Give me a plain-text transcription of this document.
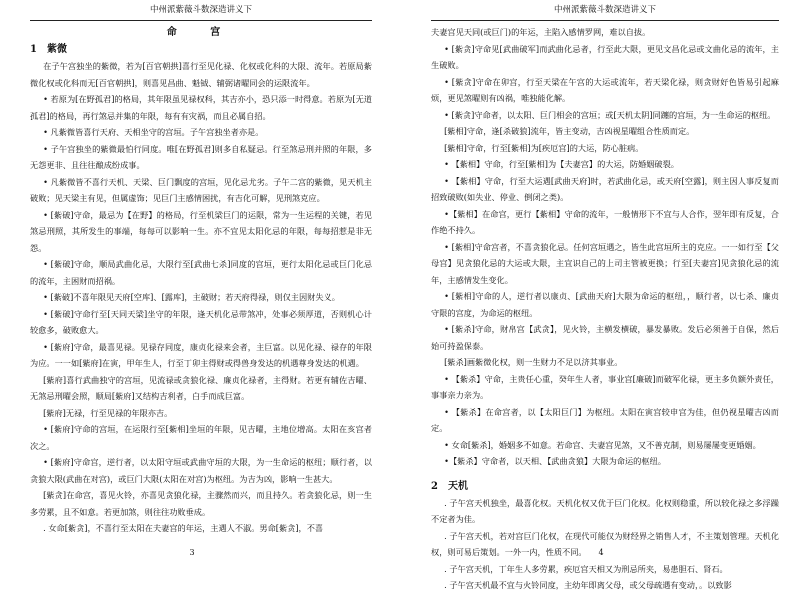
中州派紫薇斗数深造讲义下
命 宫
1 紫微

在子午宫独坐的紫微，若为[百官朝拱]喜行至见化禄、化权或化科的大限、流年。若原局紫微化权或化科而无[百官朝拱]，则喜见昌曲、魁钺、辅弼诸曜同会的运限流年。

• 若原为[在野孤君]的格局，其年限虽见禄权科，其吉亦小，恐只添一时得意。若原为[无道孤君]的格局，再行煞忌并集的年限，每有有灾祸，而且必属自招。

• 凡紫微皆喜行天府、天相坐守的宫垣。子午宫独坐者亦是。

• 子午宫独坐的紫微最怕行同度。唯[在野孤君]则多自私疑忌。行至煞忌刑并照的年限，多无怨更非、且往往酿成纷成事。

• 凡紫微皆不喜行天机、天梁、巨门飘度的宫垣，见化忌尤劣。子午二宫的紫微，见天机主破败；见天梁主有见，但属虚饰；见巨门主感情困扰，有吉化可解，见刑煞克应。

• [紫破]守命，最忌为【在野】的格局，行至机梁巨门的运限，常为一生运程的关键，若见煞忌刑照，其所发生的事端，每每可以影响一生。亦不宜见太阳化忌的年限，每每招惹是非无怨。

• [紫破]守命，顺局武曲化忌，大限行至[武曲七杀]同度的宫垣，更行太阳化忌或巨门化忌的流年，主困财而招祸。

• [紫破]不喜年限见天府[空库]、[露库]，主破财；若天府得禄，则仅主因财失义。

• [紫破]守命行至[天同天梁]坐守的年限，逢天机化忌带煞冲，处事必须厚道，否则机心计较愈多，破败愈大。

• [紫府]守命，最喜见禄。见禄存同度，康贞化禄来会者，主巨富。以见化禄、禄存的年限为应。一一如[紫府]在寅，甲年生人，行至丁卯主得财或得兽身发达的机遇尊身发达的机遇。

[紫府]喜行武曲独守的宫垣，见流禄或贪狼化禄、廉贞化禄者，主得财。若更有辅佐吉曜、无煞忌刑曜会照，顺局[紫府]又结构吉利者，白手而成巨富。

[紫府]无禄，行至见禄的年限亦吉。

• [紫府]守命的宫垣，在运限行至[紫相]坐垣的年限，见吉曜，主地位增高。太阳在亥宫者次之。

• [紫府]守命宫，逆行者，以太阳守垣或武曲守垣的大限，为一生命运的枢纽；顺行者，以贪狼大限(武曲在对宫)，或巨门大限(太阳在对宫)为枢纽。为吉为凶，影响一生甚大。

[紫贪]在命宫，喜见火铃，亦喜见贪狼化禄，主骤然而兴，而且持久。若贪狼化忌，则一生多劳累，且不如意。若更加煞，则往往功败垂成。

. 女命[紫贪]，不喜行至太阳在夫妻宫的年运，主遇人不淑。男命[紫贪]，不喜

3
中州派紫薇斗数深造讲义下

夫妻宫见天同(或巨门)的年运，主陷入感情罗网，难以自拔。

• [紫贪]守命见[武曲破军]而武曲化忌者，行至此大限，更见文昌化忌或文曲化忌的流年，主生破败。

• [紫贪]守命在卯宫，行至天梁在午宫的大运或流年，若天梁化禄，则贪财好色皆易引起麻烦，更见煞曜则有凶祸，唯独能化解。

• [紫贪]守命者，以太阳、巨门相会的宫垣；或[天机太阴]同躔的宫垣，为一生命运的枢纽。

[紫相]守命，逢[杀破狼]流年，皆主变动，吉凶视星曜组合性质而定。

[紫相]守命，行至[紫相]为[疾厄宫]的大运，防心脏病。

• 【紫相】守命，行至[紫相]为【夫妻宫】的大运，防婚姻破裂。

• 【紫相】守命，行至大运遇[武曲天府]时，若武曲化忌，或天府[空露]，则主因人事反复而招致破败(如失业、停业、倒闭之类)。

•【紫相】在命宫，更行【紫相】守命的流年，一般情形下不宜与人合作，翌年即有反复，合作绝不持久。

• [紫相]守命宫者，不喜贪狼化忌。任何宫垣遇之，皆生此宫垣所主的克应。一一如行至【父母宫】见贪狼化忌的大运或大限，主宜识自己的上司主管被更换；行至[夫妻宫]见贪狼化忌的流年，主感情发生变化。

• [紫相]守命的人，逆行者以康贞、[武曲天府]大限为命运的枢纽，，顺行者，以七杀、廉贞守限的宫度，为命运的枢纽。

• [紫杀]守命，财帛宫【武贪】，见火铃，主横发横破，暴发暴败。发后必须善于自保，然后始可持盈保泰。

[紫杀]画紫微化权，则一生财力不足以济其事业。

• 【紫杀】守命，主贵任心重，癸年生人者，事业宫[廉破]而破军化禄，更主多负额外责任，事事亲力亲为。

• 【紫杀】在命宫者，以【太阳巨门】为枢纽。太阳在寅宫较申宫为佳，但仍视星曜吉凶而定。

• 女命[紫杀]，婚姻多不如意。若命宫、夫妻宫见煞，又不善克制，则易屡屡变更婚姻。

•【紫杀】守命者，以天相、【武曲贪狼】大限为命运的枢纽。

2 天机

. 子午宫天机独坐，最喜化权。天机化权又优于巨门化权。化权则稳重，所以较化禄之多浮躁不定者为佳。

. 子午宫天机，若对宫巨门化权，在现代可能仅为财经界之销售人才，不主策划管理。天机化权，则可易后策划。一外一内，性质不同。

. 子午宫天机，丁年生人多劳累，疾厄宫天相又为刑忌所夹，易患胆石、肾石。

. 子午宫天机最不宜与火铃同度，主幼年即离父母，或父母疏遇有变动，。以致影

4
